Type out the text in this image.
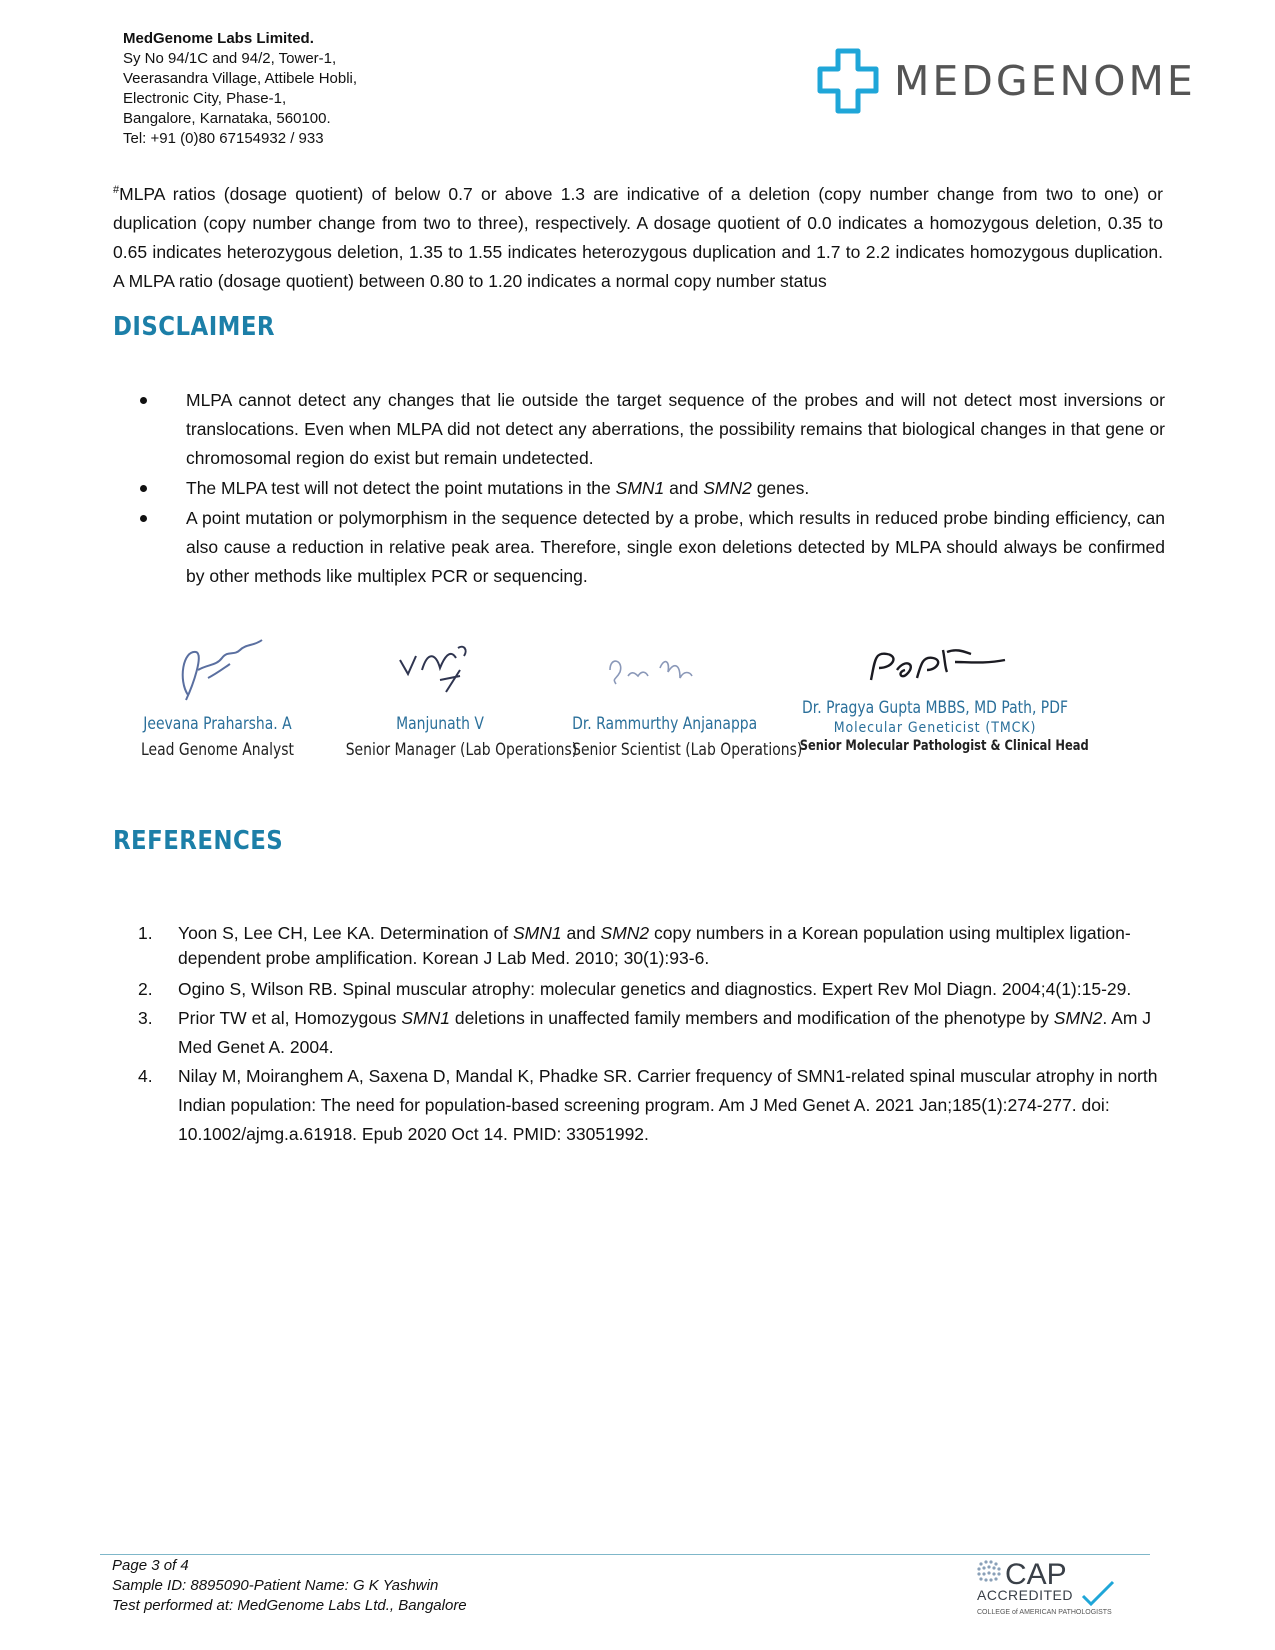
MedGenome Labs Limited.
Sy No 94/1C and 94/2, Tower-1,
Veerasandra Village, Attibele Hobli,
Electronic City, Phase-1,
Bangalore, Karnataka, 560100.
Tel: +91 (0)80 67154932 / 933
MEDGENOME
#MLPA ratios (dosage quotient) of below 0.7 or above 1.3 are indicative of a deletion (copy number change from two to one) or duplication (copy number change from two to three), respectively. A dosage quotient of 0.0 indicates a homozygous deletion, 0.35 to 0.65 indicates heterozygous deletion, 1.35 to 1.55 indicates heterozygous duplication and 1.7 to 2.2 indicates homozygous duplication. A MLPA ratio (dosage quotient) between 0.80 to 1.20 indicates a normal copy number status
DISCLAIMER
MLPA cannot detect any changes that lie outside the target sequence of the probes and will not detect most inversions or translocations. Even when MLPA did not detect any aberrations, the possibility remains that biological changes in that gene or chromosomal region do exist but remain undetected.
The MLPA test will not detect the point mutations in the SMN1 and SMN2 genes.
A point mutation or polymorphism in the sequence detected by a probe, which results in reduced probe binding efficiency, can also cause a reduction in relative peak area. Therefore, single exon deletions detected by MLPA should always be confirmed by other methods like multiplex PCR or sequencing.
Jeevana Praharsha. A
Lead Genome Analyst
Manjunath V
Senior Manager (Lab Operations)
Dr. Rammurthy Anjanappa
Senior Scientist (Lab Operations)
Dr. Pragya Gupta MBBS, MD Path, PDF
Molecular Geneticist (TMCK)
Senior Molecular Pathologist & Clinical Head
REFERENCES
1. Yoon S, Lee CH, Lee KA. Determination of SMN1 and SMN2 copy numbers in a Korean population using multiplex ligation-dependent probe amplification. Korean J Lab Med. 2010; 30(1):93-6.
2. Ogino S, Wilson RB. Spinal muscular atrophy: molecular genetics and diagnostics. Expert Rev Mol Diagn. 2004;4(1):15-29.
3. Prior TW et al, Homozygous SMN1 deletions in unaffected family members and modification of the phenotype by SMN2. Am J Med Genet A. 2004.
4. Nilay M, Moiranghem A, Saxena D, Mandal K, Phadke SR. Carrier frequency of SMN1-related spinal muscular atrophy in north Indian population: The need for population-based screening program. Am J Med Genet A. 2021 Jan;185(1):274-277. doi: 10.1002/ajmg.a.61918. Epub 2020 Oct 14. PMID: 33051992.
Page 3 of 4
Sample ID: 8895090-Patient Name: G K Yashwin
Test performed at: MedGenome Labs Ltd., Bangalore
CAP
ACCREDITED
COLLEGE of AMERICAN PATHOLOGISTS
